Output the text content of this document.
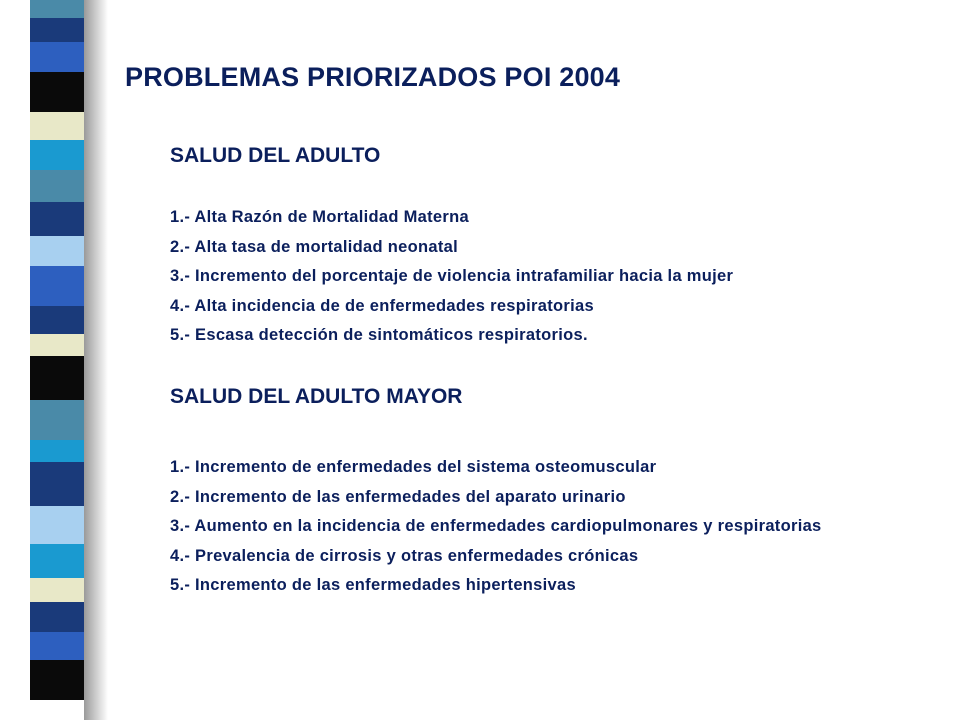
PROBLEMAS PRIORIZADOS POI 2004
SALUD DEL ADULTO
1.- Alta Razón de Mortalidad Materna
2.- Alta tasa de mortalidad neonatal
3.- Incremento del porcentaje de violencia intrafamiliar hacia la mujer
4.- Alta incidencia de de enfermedades respiratorias
5.- Escasa detección de sintomáticos respiratorios.
SALUD DEL ADULTO MAYOR
1.- Incremento de enfermedades del sistema osteomuscular
2.- Incremento de las enfermedades del aparato urinario
3.- Aumento en la incidencia de enfermedades cardiopulmonares y respiratorias
4.- Prevalencia de cirrosis y otras enfermedades crónicas
5.- Incremento de las enfermedades hipertensivas
